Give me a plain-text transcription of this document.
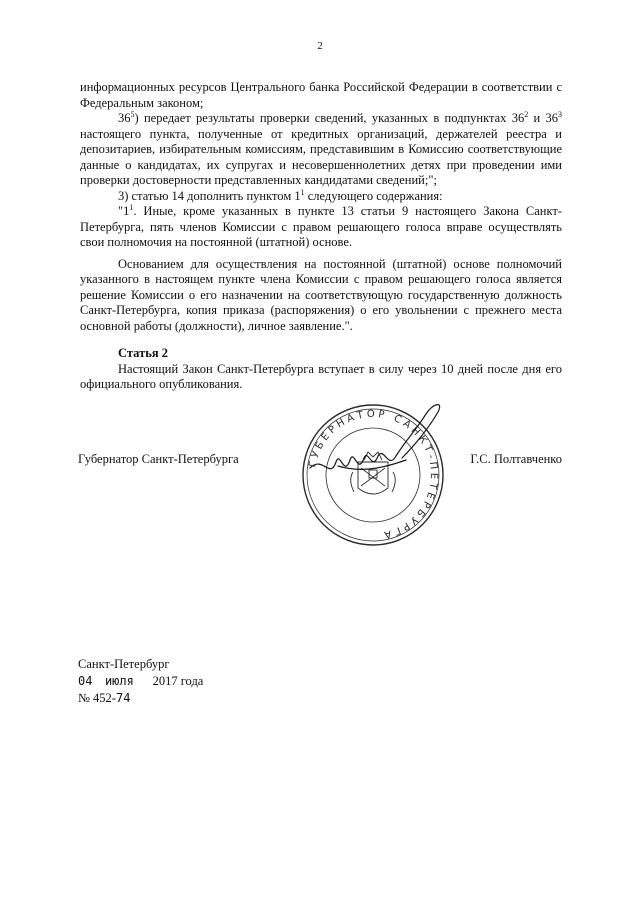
2

информационных ресурсов Центрального банка Российской Федерации в соответствии с Федеральным законом;

$36^5$) передает результаты проверки сведений, указанных в подпунктах $36^2$ и $36^3$ настоящего пункта, полученные от кредитных организаций, держателей реестра и депозитариев, избирательным комиссиям, представившим в Комиссию соответствующие данные о кандидатах, их супругах и несовершеннолетних детях при проведении ими проверки достоверности представленных кандидатами сведений;";

3) статью 14 дополнить пунктом $1^1$ следующего содержания:

"$1^1$. Иные, кроме указанных в пункте 13 статьи 9 настоящего Закона Санкт-Петербурга, пять членов Комиссии с правом решающего голоса вправе осуществлять свои полномочия на постоянной (штатной) основе.

Основанием для осуществления на постоянной (штатной) основе полномочий указанного в настоящем пункте члена Комиссии с правом решающего голоса является решение Комиссии о его назначении на соответствующую государственную должность Санкт-Петербурга, копия приказа (распоряжения) о его увольнении с прежнего места основной работы (должности), личное заявление.".

Статья 2

Настоящий Закон Санкт-Петербурга вступает в силу через 10 дней после дня его официального опубликования.

Губернатор Санкт-Петербурга	Г.С. Полтавченко
ГУБЕРНАТОР САНКТ-ПЕТЕРБУРГА
Санкт-Петербург
04 июля 2017 года
№ 452-74
